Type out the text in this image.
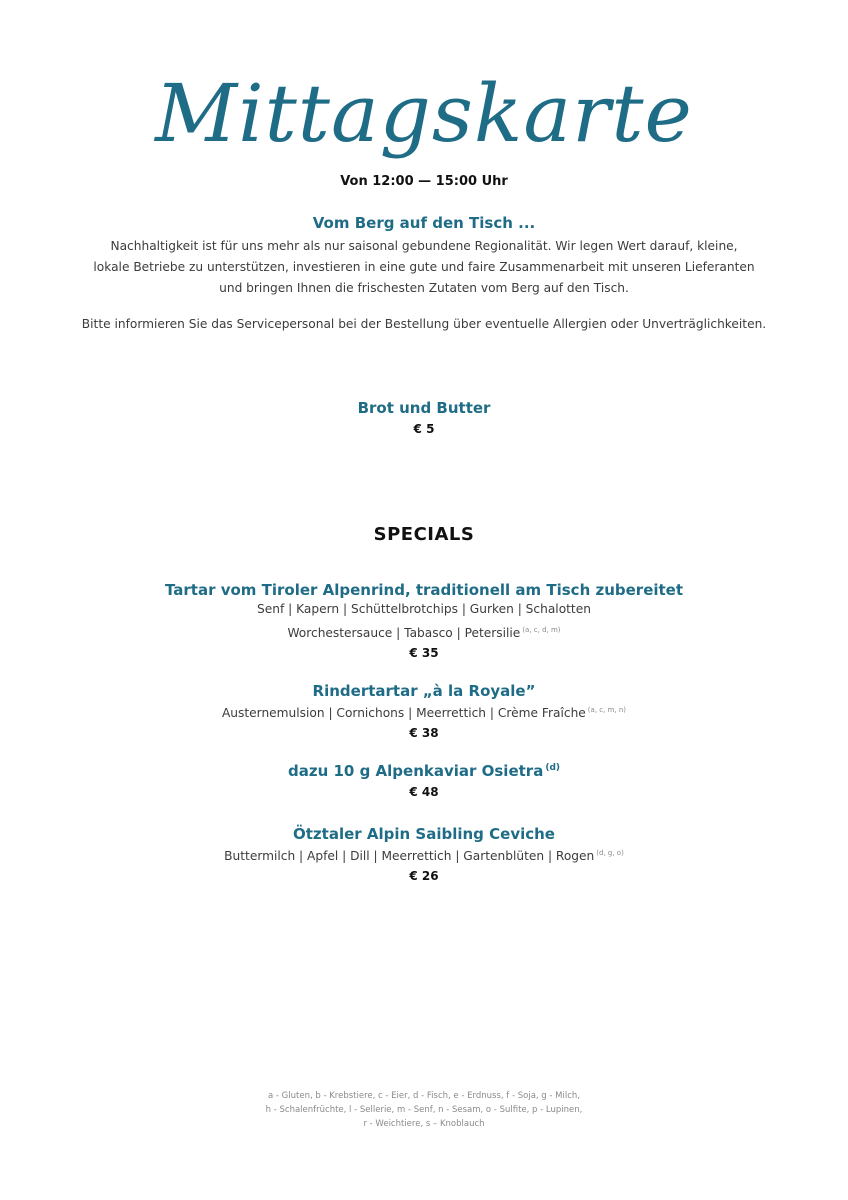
Mittagskarte
Von 12:00 — 15:00 Uhr
Vom Berg auf den Tisch ...

Nachhaltigkeit ist für uns mehr als nur saisonal gebundene Regionalität. Wir legen Wert darauf, kleine,

lokale Betriebe zu unterstützen, investieren in eine gute und faire Zusammenarbeit mit unseren Lieferanten

und bringen Ihnen die frischesten Zutaten vom Berg auf den Tisch.

Bitte informieren Sie das Servicepersonal bei der Bestellung über eventuelle Allergien oder Unverträglichkeiten.
Brot und Butter
€ 5
SPECIALS
Tartar vom Tiroler Alpenrind, traditionell am Tisch zubereitet
Senf | Kapern | Schüttelbrotchips | Gurken | Schalotten
Worchestersauce | Tabasco | Petersilie $^{(a, c, d, m)}$
€ 35
Rindertartar „à la Royale”
Austernemulsion | Cornichons | Meerrettich | Crème Fraîche $^{(a, c, m, n)}$
€ 38
dazu 10 g Alpenkaviar Osietra $^{(d)}$
€ 48
Ötztaler Alpin Saibling Ceviche
Buttermilch | Apfel | Dill | Meerrettich | Gartenblüten | Rogen $^{(d, g, o)}$
€ 26

a - Gluten, b - Krebstiere, c - Eier, d - Fisch, e - Erdnuss, f - Soja, g - Milch,

h - Schalenfrüchte, l - Sellerie, m - Senf, n - Sesam, o - Sulfite, p - Lupinen,

r - Weichtiere, s – Knoblauch
